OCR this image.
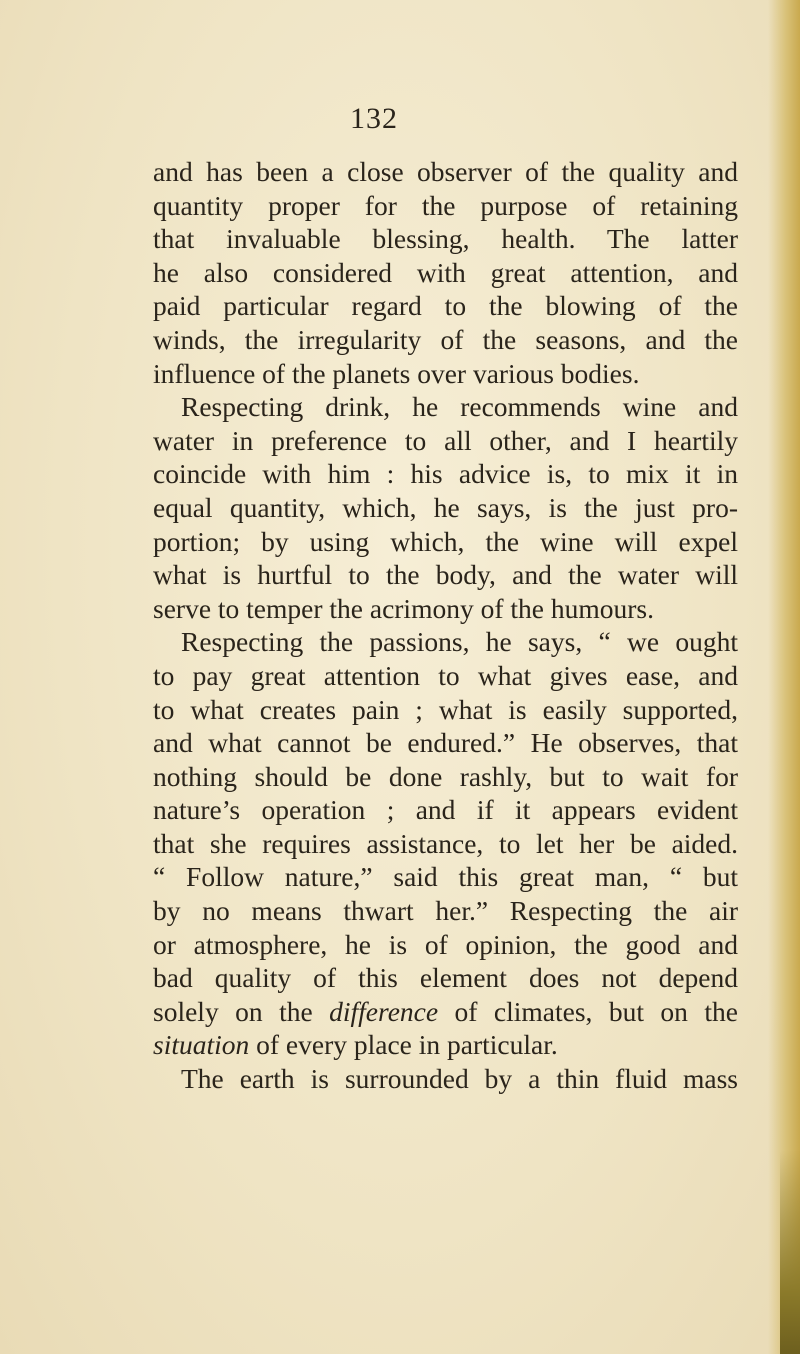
132
and has been a close observer of the quality and
quantity proper for the purpose of retaining
that invaluable blessing, health. The latter
he also considered with great attention, and
paid particular regard to the blowing of the
winds, the irregularity of the seasons, and the
influence of the planets over various bodies.
Respecting drink, he recommends wine and
water in preference to all other, and I heartily
coincide with him : his advice is, to mix it in
equal quantity, which, he says, is the just pro-
portion; by using which, the wine will expel
what is hurtful to the body, and the water will
serve to temper the acrimony of the humours.
Respecting the passions, he says, “ we ought
to pay great attention to what gives ease, and
to what creates pain ; what is easily supported,
and what cannot be endured.” He observes, that
nothing should be done rashly, but to wait for
nature’s operation ; and if it appears evident
that she requires assistance, to let her be aided.
“ Follow nature,” said this great man, “ but
by no means thwart her.” Respecting the air
or atmosphere, he is of opinion, the good and
bad quality of this element does not depend
solely on the difference of climates, but on the
situation of every place in particular.
The earth is surrounded by a thin fluid mass
